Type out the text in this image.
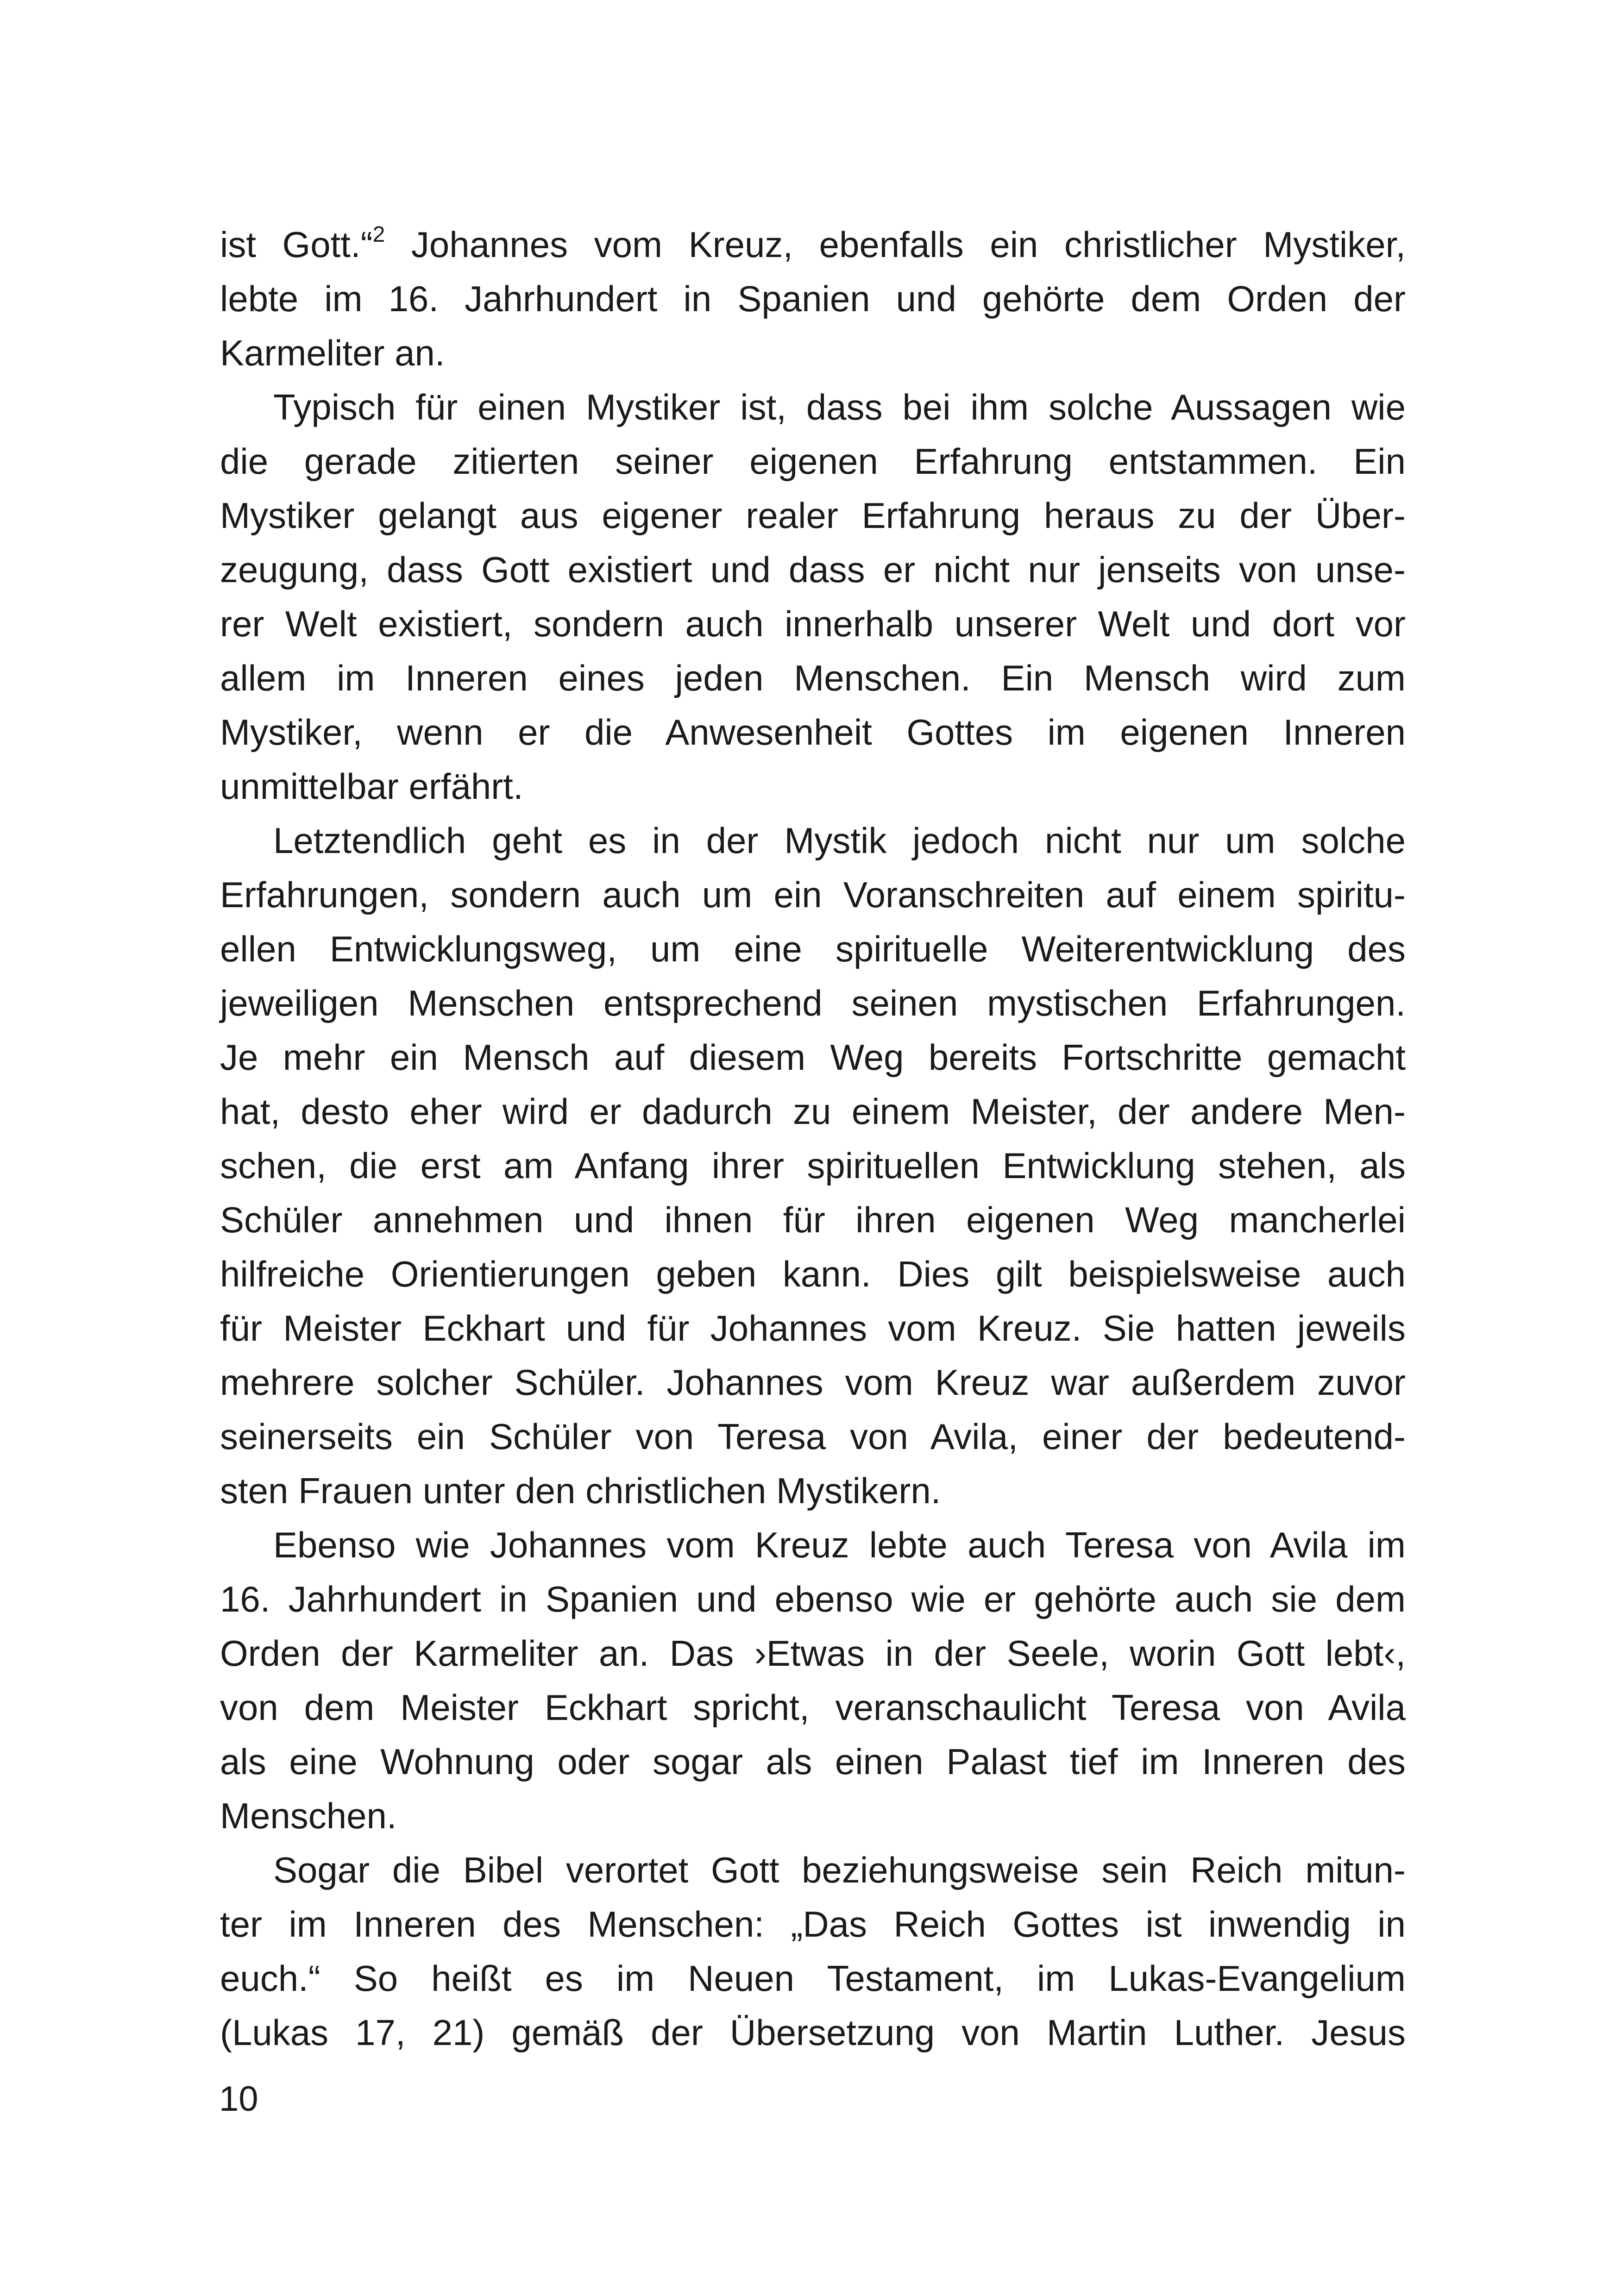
ist Gott.“$^2$ Johannes vom Kreuz, ebenfalls ein christlicher Mystiker,
lebte im 16. Jahrhundert in Spanien und gehörte dem Orden der
Karmeliter an.
Typisch für einen Mystiker ist, dass bei ihm solche Aussagen wie
die gerade zitierten seiner eigenen Erfahrung entstammen. Ein
Mystiker gelangt aus eigener realer Erfahrung heraus zu der Über-
zeugung, dass Gott existiert und dass er nicht nur jenseits von unse-
rer Welt existiert, sondern auch innerhalb unserer Welt und dort vor
allem im Inneren eines jeden Menschen. Ein Mensch wird zum
Mystiker, wenn er die Anwesenheit Gottes im eigenen Inneren
unmittelbar erfährt.
Letztendlich geht es in der Mystik jedoch nicht nur um solche
Erfahrungen, sondern auch um ein Voranschreiten auf einem spiritu-
ellen Entwicklungsweg, um eine spirituelle Weiterentwicklung des
jeweiligen Menschen entsprechend seinen mystischen Erfahrungen.
Je mehr ein Mensch auf diesem Weg bereits Fortschritte gemacht
hat, desto eher wird er dadurch zu einem Meister, der andere Men-
schen, die erst am Anfang ihrer spirituellen Entwicklung stehen, als
Schüler annehmen und ihnen für ihren eigenen Weg mancherlei
hilfreiche Orientierungen geben kann. Dies gilt beispielsweise auch
für Meister Eckhart und für Johannes vom Kreuz. Sie hatten jeweils
mehrere solcher Schüler. Johannes vom Kreuz war außerdem zuvor
seinerseits ein Schüler von Teresa von Avila, einer der bedeutend-
sten Frauen unter den christlichen Mystikern.
Ebenso wie Johannes vom Kreuz lebte auch Teresa von Avila im
16. Jahrhundert in Spanien und ebenso wie er gehörte auch sie dem
Orden der Karmeliter an. Das ›Etwas in der Seele, worin Gott lebt‹,
von dem Meister Eckhart spricht, veranschaulicht Teresa von Avila
als eine Wohnung oder sogar als einen Palast tief im Inneren des
Menschen.
Sogar die Bibel verortet Gott beziehungsweise sein Reich mitun-
ter im Inneren des Menschen: „Das Reich Gottes ist inwendig in
euch.“ So heißt es im Neuen Testament, im Lukas-Evangelium
(Lukas 17, 21) gemäß der Übersetzung von Martin Luther. Jesus
10
